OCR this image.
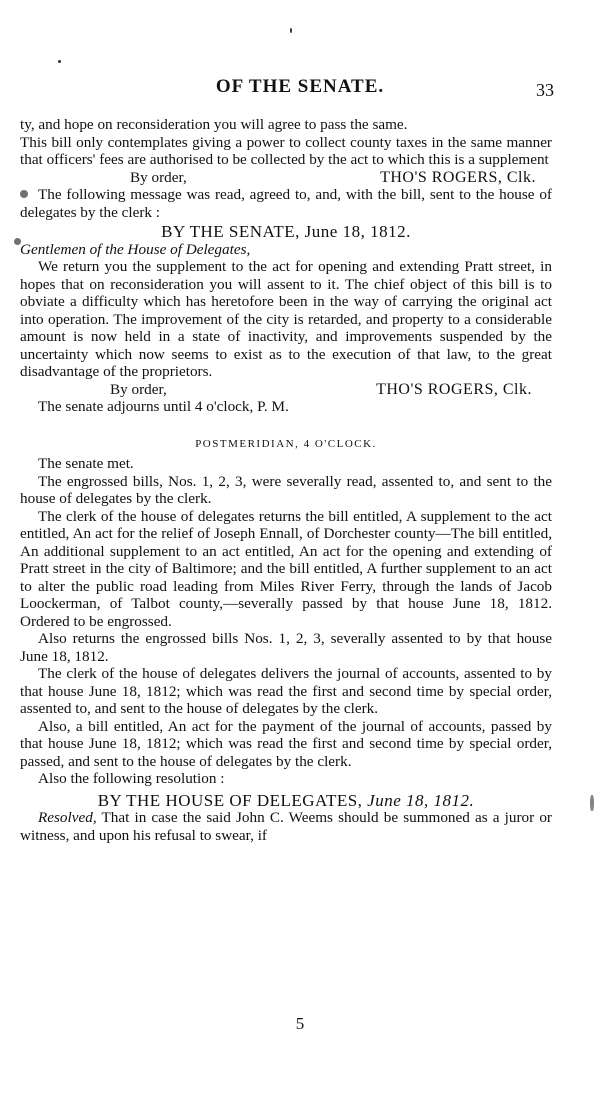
OF THE SENATE.	33

ty, and hope on reconsideration you will agree to pass the same.

This bill only contemplates giving a power to collect county taxes in the same manner that officers' fees are authorised to be collected by the act to which this is a supplement

By order,	THO'S ROGERS, Clk.

The following message was read, agreed to, and, with the bill, sent to the house of delegates by the clerk :

BY THE SENATE, June 18, 1812.

Gentlemen of the House of Delegates,

We return you the supplement to the act for opening and extending Pratt street, in hopes that on reconsideration you will assent to it. The chief object of this bill is to obviate a difficulty which has heretofore been in the way of carrying the original act into operation. The improvement of the city is retarded, and property to a considerable amount is now held in a state of inactivity, and improvements suspended by the uncertainty which now seems to exist as to the execution of that law, to the great disadvantage of the proprietors.

By order,	THO'S ROGERS, Clk.

The senate adjourns until 4 o'clock, P. M.

POSTMERIDIAN, 4 O'CLOCK.

The senate met.

The engrossed bills, Nos. 1, 2, 3, were severally read, assented to, and sent to the house of delegates by the clerk.

The clerk of the house of delegates returns the bill entitled, A supplement to the act entitled, An act for the relief of Joseph Ennall, of Dorchester county—The bill entitled, An additional supplement to an act entitled, An act for the opening and extending of Pratt street in the city of Baltimore; and the bill entitled, A further supplement to an act to alter the public road leading from Miles River Ferry, through the lands of Jacob Loockerman, of Talbot county,—severally passed by that house June 18, 1812. Ordered to be engrossed.

Also returns the engrossed bills Nos. 1, 2, 3, severally assented to by that house June 18, 1812.

The clerk of the house of delegates delivers the journal of accounts, assented to by that house June 18, 1812; which was read the first and second time by special order, assented to, and sent to the house of delegates by the clerk.

Also, a bill entitled, An act for the payment of the journal of accounts, passed by that house June 18, 1812; which was read the first and second time by special order, passed, and sent to the house of delegates by the clerk.

Also the following resolution :

BY THE HOUSE OF DELEGATES, June 18, 1812.

Resolved, That in case the said John C. Weems should be summoned as a juror or witness, and upon his refusal to swear, if

5
